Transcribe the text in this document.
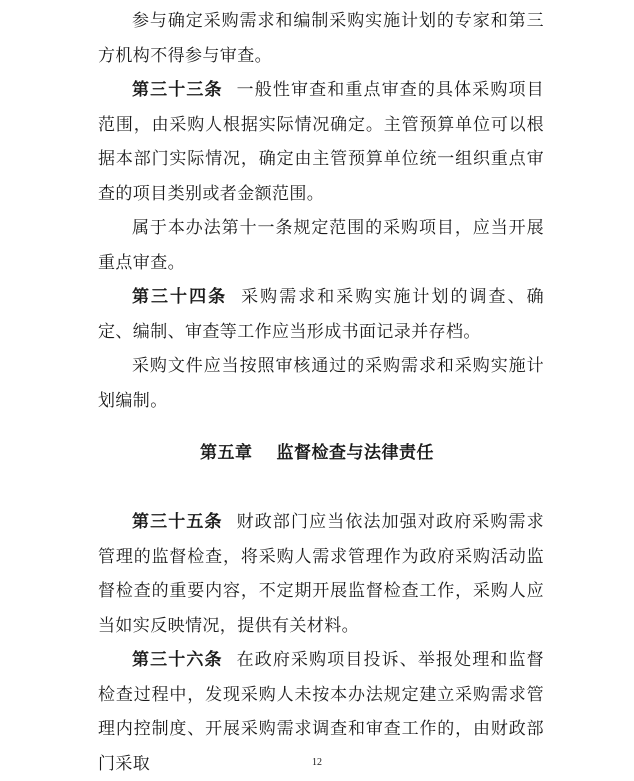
参与确定采购需求和编制采购实施计划的专家和第三方机构不得参与审查。

第三十三条 一般性审查和重点审查的具体采购项目范围，由采购人根据实际情况确定。主管预算单位可以根据本部门实际情况，确定由主管预算单位统一组织重点审查的项目类别或者金额范围。

属于本办法第十一条规定范围的采购项目，应当开展重点审查。

第三十四条 采购需求和采购实施计划的调查、确定、编制、审查等工作应当形成书面记录并存档。

采购文件应当按照审核通过的采购需求和采购实施计划编制。

第五章 监督检查与法律责任

第三十五条 财政部门应当依法加强对政府采购需求管理的监督检查，将采购人需求管理作为政府采购活动监督检查的重要内容，不定期开展监督检查工作，采购人应当如实反映情况，提供有关材料。

第三十六条 在政府采购项目投诉、举报处理和监督检查过程中，发现采购人未按本办法规定建立采购需求管理内控制度、开展采购需求调查和审查工作的，由财政部门采取	12
